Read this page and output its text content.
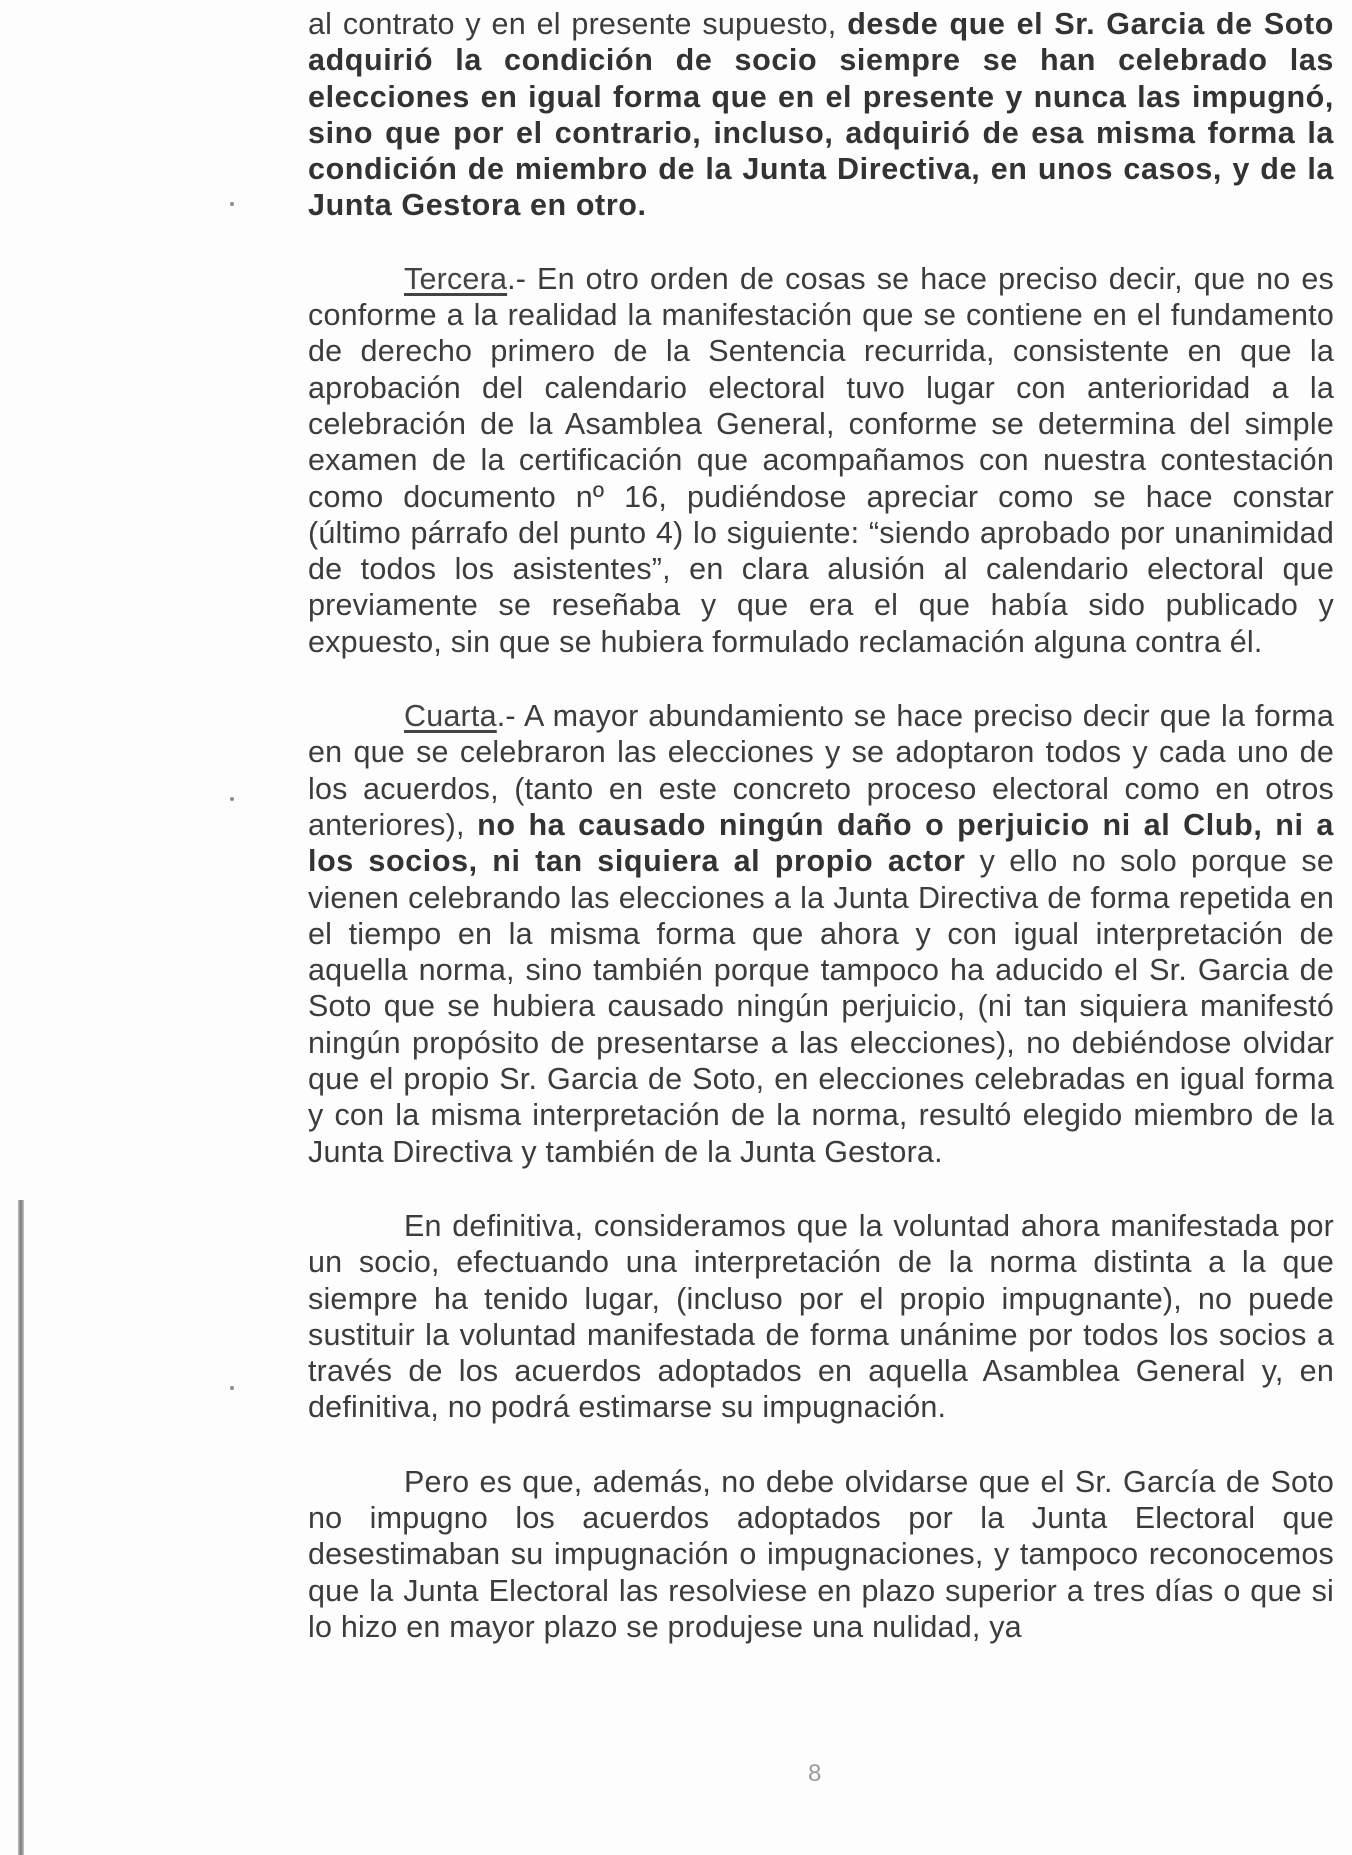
al contrato y en el presente supuesto, desde que el Sr. Garcia de Soto adquirió la condición de socio siempre se han celebrado las elecciones en igual forma que en el presente y nunca las impugnó, sino que por el contrario, incluso, adquirió de esa misma forma la condición de miembro de la Junta Directiva, en unos casos, y de la Junta Gestora en otro.

Tercera.- En otro orden de cosas se hace preciso decir, que no es conforme a la realidad la manifestación que se contiene en el fundamento de derecho primero de la Sentencia recurrida, consistente en que la aprobación del calendario electoral tuvo lugar con anterioridad a la celebración de la Asamblea General, conforme se determina del simple examen de la certificación que acompañamos con nuestra contestación como documento nº 16, pudiéndose apreciar como se hace constar (último párrafo del punto 4) lo siguiente: “siendo aprobado por unanimidad de todos los asistentes”, en clara alusión al calendario electoral que previamente se reseñaba y que era el que había sido publicado y expuesto, sin que se hubiera formulado reclamación alguna contra él.

Cuarta.- A mayor abundamiento se hace preciso decir que la forma en que se celebraron las elecciones y se adoptaron todos y cada uno de los acuerdos, (tanto en este concreto proceso electoral como en otros anteriores), no ha causado ningún daño o perjuicio ni al Club, ni a los socios, ni tan siquiera al propio actor y ello no solo porque se vienen celebrando las elecciones a la Junta Directiva de forma repetida en el tiempo en la misma forma que ahora y con igual interpretación de aquella norma, sino también porque tampoco ha aducido el Sr. Garcia de Soto que se hubiera causado ningún perjuicio, (ni tan siquiera manifestó ningún propósito de presentarse a las elecciones), no debiéndose olvidar que el propio Sr. Garcia de Soto, en elecciones celebradas en igual forma y con la misma interpretación de la norma, resultó elegido miembro de la Junta Directiva y también de la Junta Gestora.

En definitiva, consideramos que la voluntad ahora manifestada por un socio, efectuando una interpretación de la norma distinta a la que siempre ha tenido lugar, (incluso por el propio impugnante), no puede sustituir la voluntad manifestada de forma unánime por todos los socios a través de los acuerdos adoptados en aquella Asamblea General y, en definitiva, no podrá estimarse su impugnación.

Pero es que, además, no debe olvidarse que el Sr. García de Soto no impugno los acuerdos adoptados por la Junta Electoral que desestimaban su impugnación o impugnaciones, y tampoco reconocemos que la Junta Electoral las resolviese en plazo superior a tres días o que si lo hizo en mayor plazo se produjese una nulidad, ya

8
